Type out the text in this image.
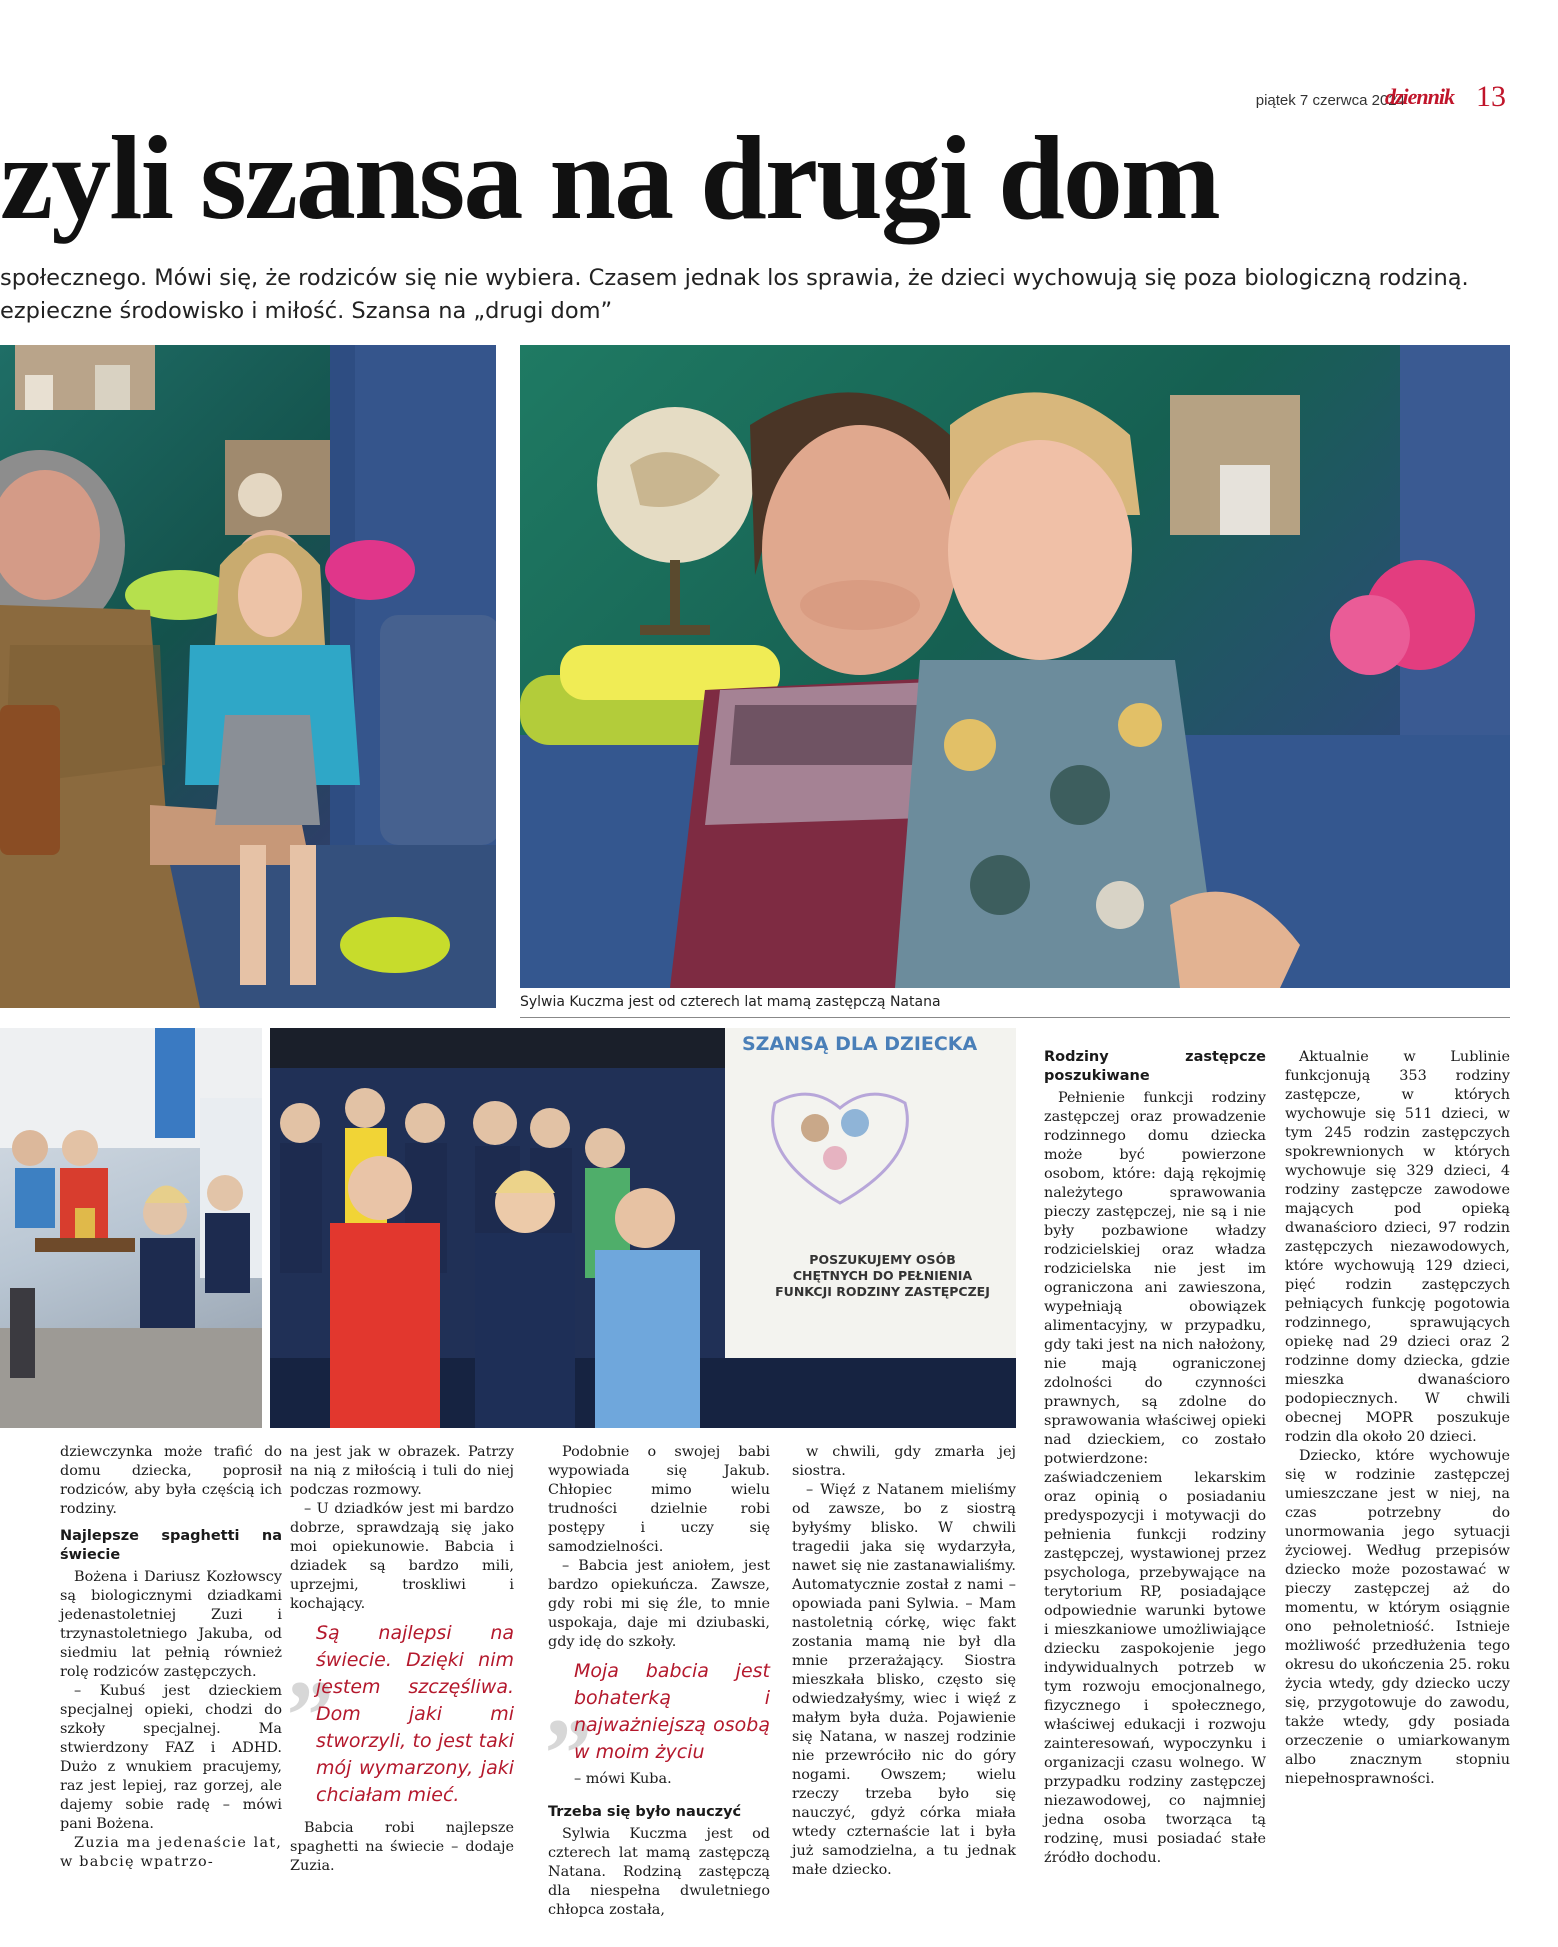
piątek 7 czerwca 2024
dziennik 13
zyli szansa na drugi dom
społecznego. Mówi się, że rodziców się nie wybiera. Czasem jednak los sprawia, że dzieci wychowują się poza biologiczną rodziną.
ezpieczne środowisko i miłość. Szansa na „drugi dom”
Sylwia Kuczma jest od czterech lat mamą zastępczą Natana
SZANSĄ DLA DZIECKA
POSZUKUJEMY OSÓB CHĘTNYCH DO PEŁNIENIA FUNKCJI RODZINY ZASTĘPCZEJ

dziewczynka może trafić do domu dziecka, poprosił rodziców, aby była częścią ich rodziny.

Najlepsze spaghetti na świecie

Bożena i Dariusz Kozłowscy są biologicznymi dziadkami jedenastoletniej Zuzi i trzynastoletniego Jakuba, od siedmiu lat pełnią również rolę rodziców zastępczych.

– Kubuś jest dzieckiem specjalnej opieki, chodzi do szkoły specjalnej. Ma stwierdzony FAZ i ADHD. Dużo z wnukiem pracujemy, raz jest lepiej, raz gorzej, ale dajemy sobie radę – mówi pani Bożena.

Zuzia ma jedenaście lat, w babcię wpatrzo-

na jest jak w obrazek. Patrzy na nią z miłością i tuli do niej podczas rozmowy.

– U dziadków jest mi bardzo dobrze, sprawdzają się jako moi opiekunowie. Babcia i dziadek są bardzo mili, uprzejmi, troskliwi i kochający.

„
Są najlepsi na świecie. Dzięki nim jestem szczęśliwa. Dom jaki mi stworzyli, to jest taki mój wymarzony, jaki chciałam mieć.

Babcia robi najlepsze spaghetti na świecie – dodaje Zuzia.

Podobnie o swojej babi wypowiada się Jakub. Chłopiec mimo wielu trudności dzielnie robi postępy i uczy się samodzielności.

– Babcia jest aniołem, jest bardzo opiekuńcza. Zawsze, gdy robi mi się źle, to mnie uspokaja, daje mi dziubaski, gdy idę do szkoły.

„
Moja babcia jest bohaterką i najważniejszą osobą w moim życiu
– mówi Kuba.
Trzeba się było nauczyć

Sylwia Kuczma jest od czterech lat mamą zastępczą Natana. Rodziną zastępczą dla niespełna dwuletniego chłopca została,

w chwili, gdy zmarła jej siostra.

– Więź z Natanem mieliśmy od zawsze, bo z siostrą byłyśmy blisko. W chwili tragedii jaka się wydarzyła, nawet się nie zastanawialiśmy. Automatycznie został z nami – opowiada pani Sylwia. – Mam nastoletnią córkę, więc fakt zostania mamą nie był dla mnie przerażający. Siostra mieszkała blisko, często się odwiedzałyśmy, wiec i więź z małym była duża. Pojawienie się Natana, w naszej rodzinie nie przewróciło nic do góry nogami. Owszem; wielu rzeczy trzeba było się nauczyć, gdyż córka miała wtedy czternaście lat i była już samodzielna, a tu jednak małe dziecko.

Rodziny zastępcze poszukiwane

Pełnienie funkcji rodziny zastępczej oraz prowadzenie rodzinnego domu dziecka może być powierzone osobom, które: dają rękojmię należytego sprawowania pieczy zastępczej, nie są i nie były pozbawione władzy rodzicielskiej oraz władza rodzicielska nie jest im ograniczona ani zawieszona, wypełniają obowiązek alimentacyjny, w przypadku, gdy taki jest na nich nałożony, nie mają ograniczonej zdolności do czynności prawnych, są zdolne do sprawowania właściwej opieki nad dzieckiem, co zostało potwierdzone: zaświadczeniem lekarskim oraz opinią o posiadaniu predyspozycji i motywacji do pełnienia funkcji rodziny zastępczej, wystawionej przez psychologa, przebywające na terytorium RP, posiadające odpowiednie warunki bytowe i mieszkaniowe umożliwiające dziecku zaspokojenie jego indywidualnych potrzeb w tym rozwoju emocjonalnego, fizycznego i społecznego, właściwej edukacji i rozwoju zainteresowań, wypoczynku i organizacji czasu wolnego. W przypadku rodziny zastępczej niezawodowej, co najmniej jedna osoba tworząca tą rodzinę, musi posiadać stałe źródło dochodu.

Aktualnie w Lublinie funkcjonują 353 rodziny zastępcze, w których wychowuje się 511 dzieci, w tym 245 rodzin zastępczych spokrewnionych w których wychowuje się 329 dzieci, 4 rodziny zastępcze zawodowe mających pod opieką dwanaścioro dzieci, 97 rodzin zastępczych niezawodowych, które wychowują 129 dzieci, pięć rodzin zastępczych pełniących funkcję pogotowia rodzinnego, sprawujących opiekę nad 29 dzieci oraz 2 rodzinne domy dziecka, gdzie mieszka dwanaścioro podopiecznych. W chwili obecnej MOPR poszukuje rodzin dla około 20 dzieci.

Dziecko, które wychowuje się w rodzinie zastępczej umieszczane jest w niej, na czas potrzebny do unormowania jego sytuacji życiowej. Według przepisów dziecko może pozostawać w pieczy zastępczej aż do momentu, w którym osiągnie ono pełnoletniość. Istnieje możliwość przedłużenia tego okresu do ukończenia 25. roku życia wtedy, gdy dziecko uczy się, przygotowuje do zawodu, także wtedy, gdy posiada orzeczenie o umiarkowanym albo znacznym stopniu niepełnosprawności.
